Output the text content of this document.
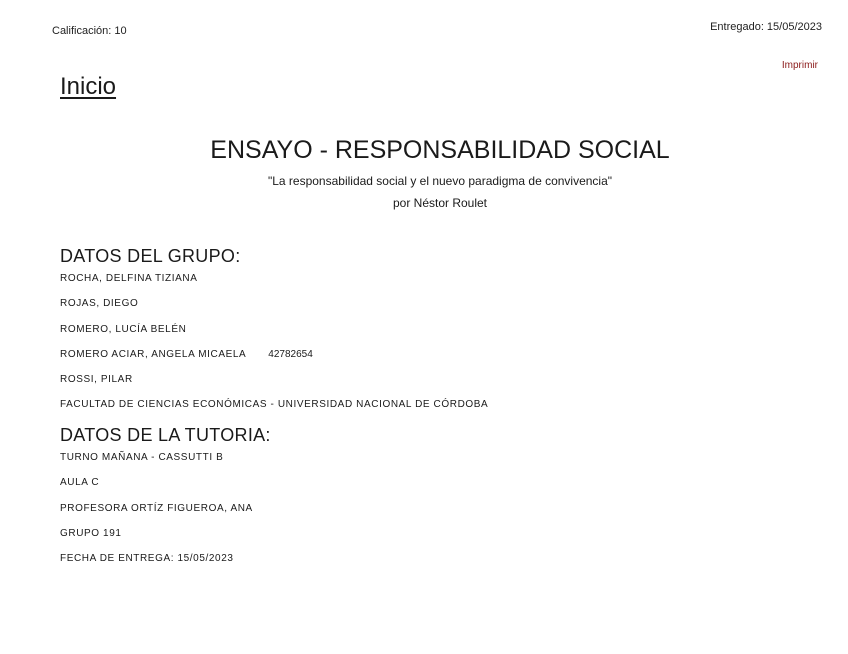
Calificación: 10	Entregado: 15/05/2023
Imprimir
Inicio
ENSAYO - RESPONSABILIDAD SOCIAL

"La responsabilidad social y el nuevo paradigma de convivencia"

por Néstor Roulet

DATOS DEL GRUPO:
ROCHA, DELFINA TIZIANA
ROJAS, DIEGO
ROMERO, LUCÍA BELÉN
ROMERO ACIAR, ANGELA MICAELA 42782654
ROSSI, PILAR
FACULTAD DE CIENCIAS ECONÓMICAS - UNIVERSIDAD NACIONAL DE CÓRDOBA
DATOS DE LA TUTORIA:
TURNO MAÑANA - CASSUTTI B
AULA C
PROFESORA ORTÍZ FIGUEROA, ANA
GRUPO 191
FECHA DE ENTREGA: 15/05/2023
